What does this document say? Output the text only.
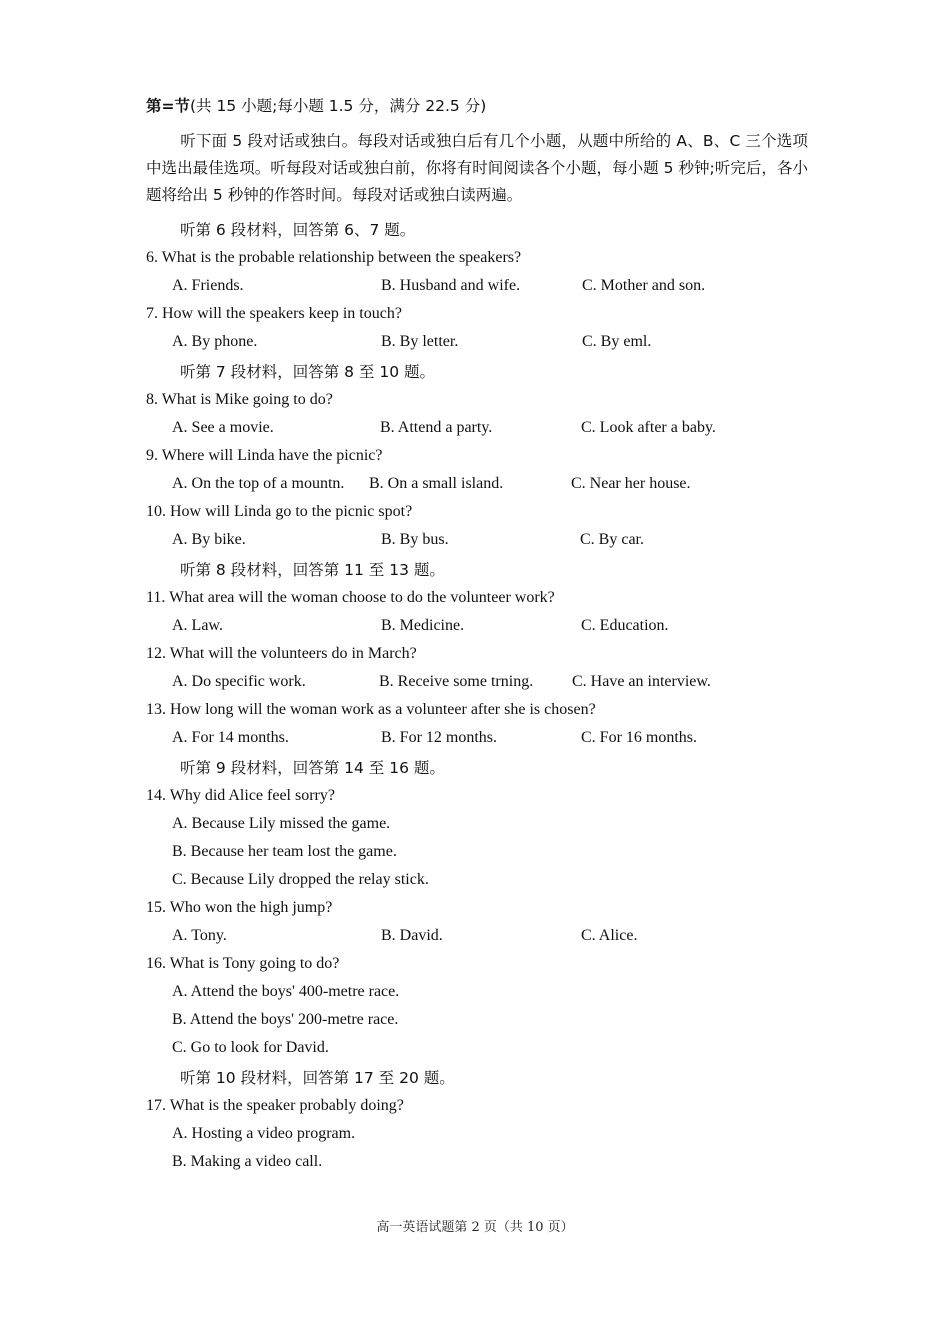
第=节(共 15 小题;每小题 1.5 分，满分 22.5 分)
听下面 5 段对话或独白。每段对话或独白后有几个小题，从题中所给的 A、B、C 三个选项中选出最佳选项。听每段对话或独白前，你将有时间阅读各个小题，每小题 5 秒钟;听完后，各小题将给出 5 秒钟的作答时间。每段对话或独白读两遍。
听第 6 段材料，回答第 6、7 题。
6. What is the probable relationship between the speakers?
A. Friends.	B. Husband and wife.	C. Mother and son.
7. How will the speakers keep in touch?
A. By phone.	B. By letter.	C. By eml.
听第 7 段材料，回答第 8 至 10 题。
8. What is Mike going to do?
A. See a movie.	B. Attend a party.	C. Look after a baby.
9. Where will Linda have the picnic?
A. On the top of a mountn. B. On a small island.	C. Near her house.
10. How will Linda go to the picnic spot?
A. By bike.	B. By bus.	C. By car.
听第 8 段材料，回答第 11 至 13 题。
11. What area will the woman choose to do the volunteer work?
A. Law.	B. Medicine.	C. Education.
12. What will the volunteers do in March?
A. Do specific work.	B. Receive some trning. C. Have an interview.
13. How long will the woman work as a volunteer after she is chosen?
A. For 14 months.	B. For 12 months.	C. For 16 months.
听第 9 段材料，回答第 14 至 16 题。
14. Why did Alice feel sorry?
A. Because Lily missed the game.
B. Because her team lost the game.
C. Because Lily dropped the relay stick.
15. Who won the high jump?
A. Tony.	B. David.	C. Alice.
16. What is Tony going to do?
A. Attend the boys' 400-metre race.
B. Attend the boys' 200-metre race.
C. Go to look for David.
听第 10 段材料，回答第 17 至 20 题。
17. What is the speaker probably doing?
A. Hosting a video program.
B. Making a video call.
高一英语试题第 2 页（共 10 页）
